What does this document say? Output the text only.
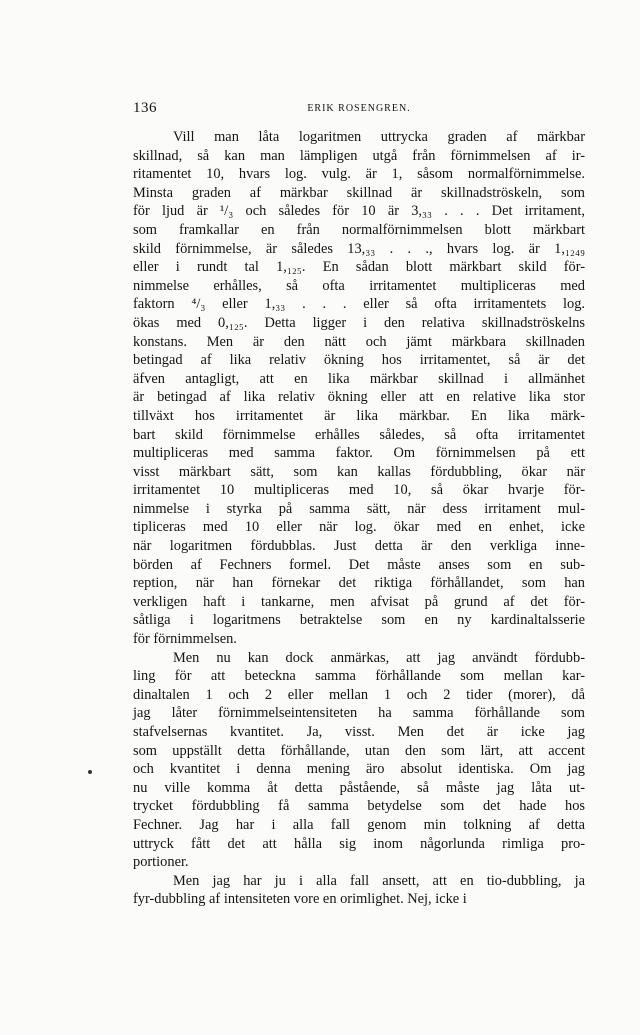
136	ERIK ROSENGREN.
Vill man låta logaritmen uttrycka graden af märkbar
skillnad, så kan man lämpligen utgå från förnimmelsen af ir-
ritamentet 10, hvars log. vulg. är 1, såsom normalförnimmelse.
Minsta graden af märkbar skillnad är skillnadströskeln, som
för ljud är ¹/₃ och således för 10 är 3,₃₃ . . . Det irritament,
som framkallar en från normalförnimmelsen blott märkbart
skild förnimmelse, är således 13,₃₃ . . ., hvars log. är 1,₁₂₄₉
eller i rundt tal 1,₁₂₅. En sådan blott märkbart skild för-
nimmelse erhålles, så ofta irritamentet multipliceras med
faktorn ⁴/₃ eller 1,₃₃ . . . eller så ofta irritamentets log.
ökas med 0,₁₂₅. Detta ligger i den relativa skillnadströskelns
konstans. Men är den nätt och jämt märkbara skillnaden
betingad af lika relativ ökning hos irritamentet, så är det
äfven antagligt, att en lika märkbar skillnad i allmänhet
är betingad af lika relativ ökning eller att en relative lika stor
tillväxt hos irritamentet är lika märkbar. En lika märk-
bart skild förnimmelse erhålles således, så ofta irritamentet
multipliceras med samma faktor. Om förnimmelsen på ett
visst märkbart sätt, som kan kallas fördubbling, ökar när
irritamentet 10 multipliceras med 10, så ökar hvarje för-
nimmelse i styrka på samma sätt, när dess irritament mul-
tipliceras med 10 eller när log. ökar med en enhet, icke
när logaritmen fördubblas. Just detta är den verkliga inne-
börden af Fechners formel. Det måste anses som en sub-
reption, när han förnekar det riktiga förhållandet, som han
verkligen haft i tankarne, men afvisat på grund af det för-
såtliga i logaritmens betraktelse som en ny kardinaltalsserie
för förnimmelsen.
Men nu kan dock anmärkas, att jag användt fördubb-
ling för att beteckna samma förhållande som mellan kar-
dinaltalen 1 och 2 eller mellan 1 och 2 tider (morer), då
jag låter förnimmelseintensiteten ha samma förhållande som
stafvelsernas kvantitet. Ja, visst. Men det är icke jag
som uppställt detta förhållande, utan den som lärt, att accent
och kvantitet i denna mening äro absolut identiska. Om jag
nu ville komma åt detta påstående, så måste jag låta ut-
trycket fördubbling få samma betydelse som det hade hos
Fechner. Jag har i alla fall genom min tolkning af detta
uttryck fått det att hålla sig inom någorlunda rimliga pro-
portioner.
Men jag har ju i alla fall ansett, att en tio-dubbling, ja
fyr-dubbling af intensiteten vore en orimlighet. Nej, icke i
